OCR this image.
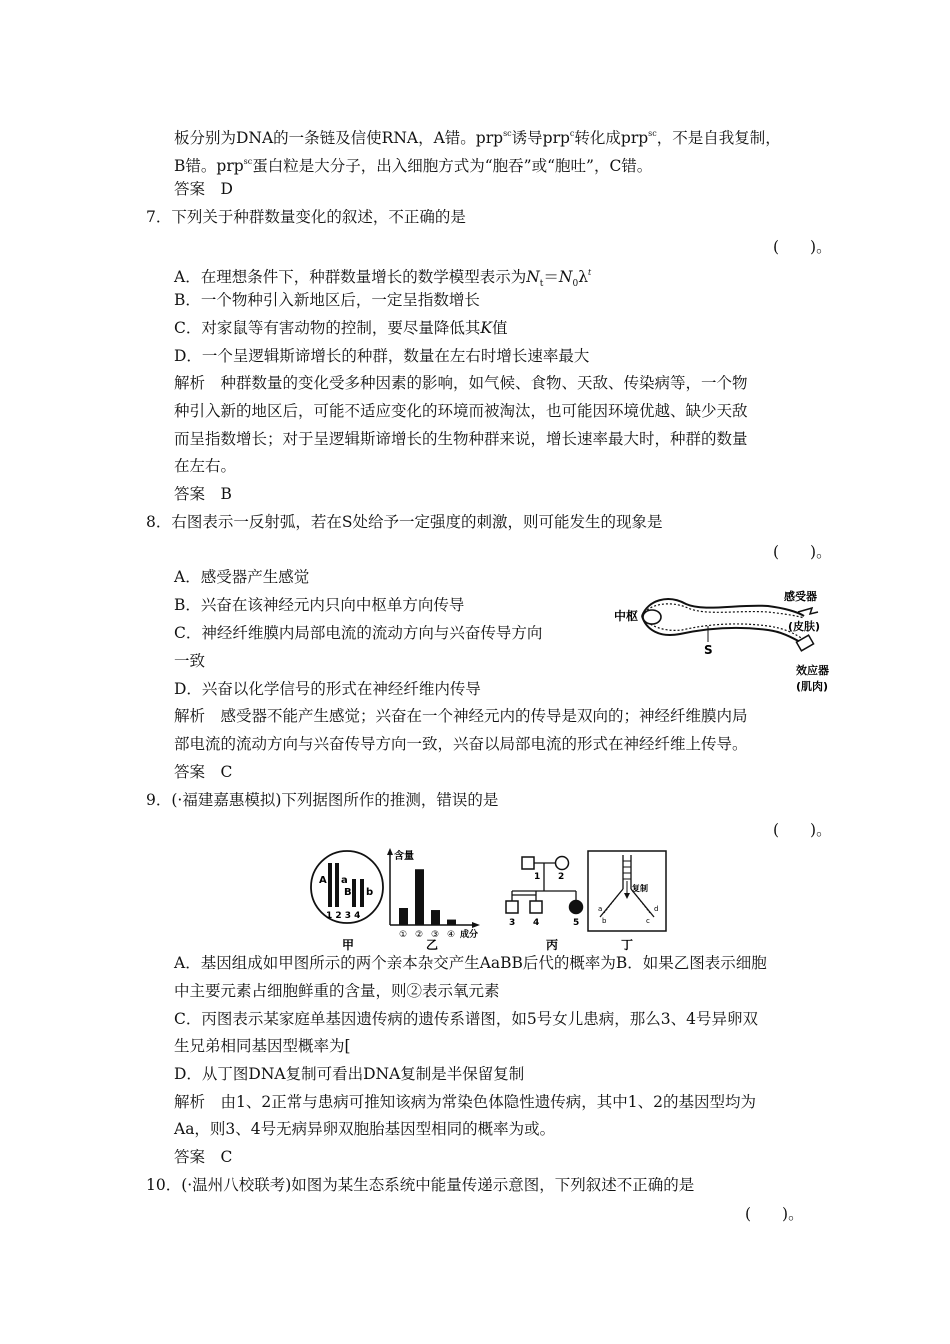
板分别为DNA的一条链及信使RNA，A错。prp$^{sc}$诱导prp$^c$转化成prp$^{sc}$，不是自我复制，
B错。prp$^{sc}$蛋白粒是大分子，出入细胞方式为“胞吞”或“胞吐”，C错。
答案　D
7．下列关于种群数量变化的叙述，不正确的是
(　　)。
A．在理想条件下，种群数量增长的数学模型表示为$N_t=N_0\lambda^t$
B．一个物种引入新地区后，一定呈指数增长
C．对家鼠等有害动物的控制，要尽量降低其K值
D．一个呈逻辑斯谛增长的种群，数量在左右时增长速率最大
解析　种群数量的变化受多种因素的影响，如气候、食物、天敌、传染病等，一个物
种引入新的地区后，可能不适应变化的环境而被淘汰，也可能因环境优越、缺少天敌
而呈指数增长；对于呈逻辑斯谛增长的生物种群来说，增长速率最大时，种群的数量
在左右。
答案　B
8．右图表示一反射弧，若在S处给予一定强度的刺激，则可能发生的现象是
(　　)。
A．感受器产生感觉
B．兴奋在该神经元内只向中枢单方向传导
C．神经纤维膜内局部电流的流动方向与兴奋传导方向
一致
D．兴奋以化学信号的形式在神经纤维内传导
解析　感受器不能产生感觉；兴奋在一个神经元内的传导是双向的；神经纤维膜内局
部电流的流动方向与兴奋传导方向一致，兴奋以局部电流的形式在神经纤维上传导。
答案　C
中枢
S
感受器
(皮肤)
效应器
(肌肉)
9．(·福建嘉惠模拟)下列据图所作的推测，错误的是
(　　)。
A a
B b
1 2 3 4
甲
含量
① ② ③ ④ 成分
乙
1 2
3 4	5
丙
复制
a
b	c
d
丁
A．基因组成如甲图所示的两个亲本杂交产生AaBB后代的概率为B．如果乙图表示细胞
中主要元素占细胞鲜重的含量，则②表示氧元素
C．丙图表示某家庭单基因遗传病的遗传系谱图，如5号女儿患病，那么3、4号异卵双
生兄弟相同基因型概率为[
D．从丁图DNA复制可看出DNA复制是半保留复制
解析　由1、2正常与患病可推知该病为常染色体隐性遗传病，其中1、2的基因型均为
Aa，则3、4号无病异卵双胞胎基因型相同的概率为或。
答案　C
10．(·温州八校联考)如图为某生态系统中能量传递示意图，下列叙述不正确的是
(　　)。
